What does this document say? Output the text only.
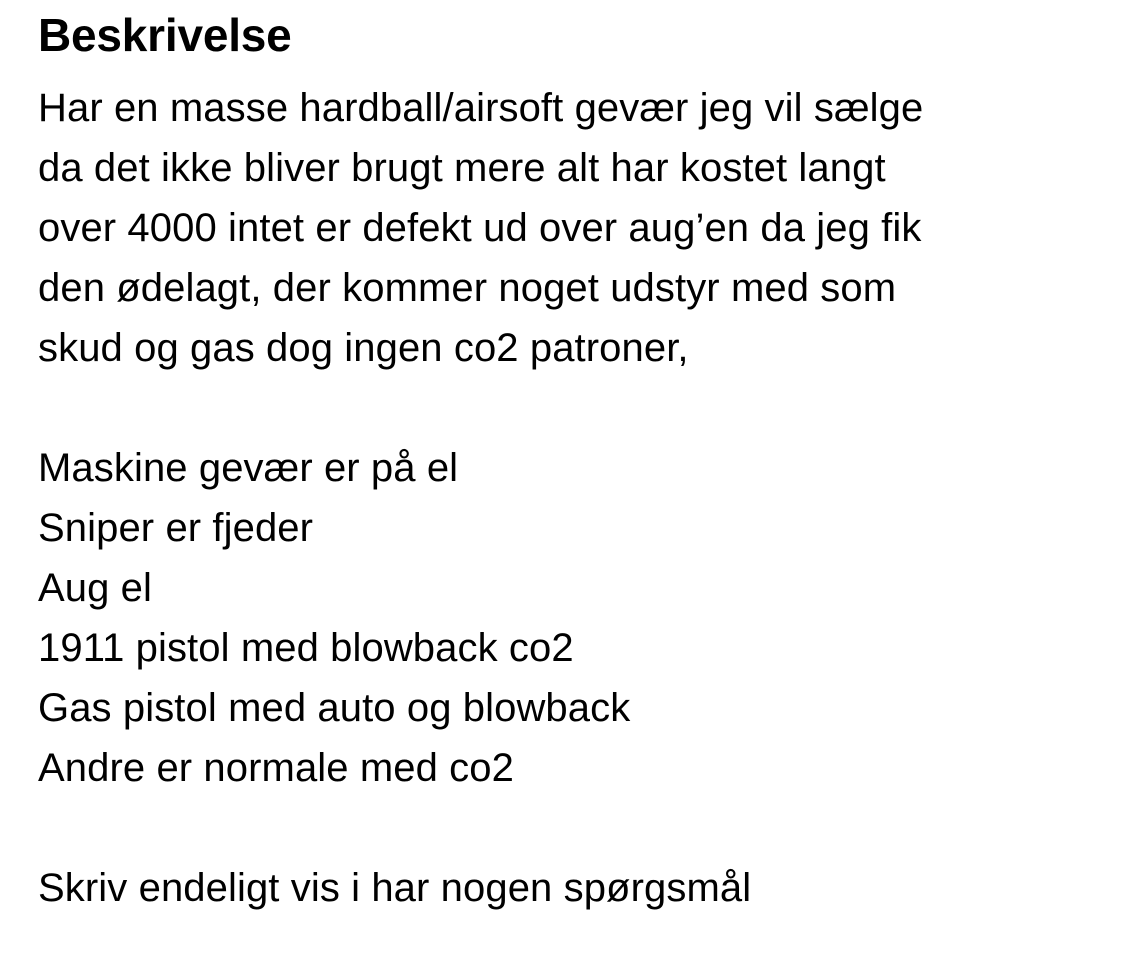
Beskrivelse
Har en masse hardball/airsoft gevær jeg vil sælge
da det ikke bliver brugt mere alt har kostet langt
over 4000 intet er defekt ud over aug’en da jeg fik
den ødelagt, der kommer noget udstyr med som
skud og gas dog ingen co2 patroner,
Maskine gevær er på el
Sniper er fjeder
Aug el
1911 pistol med blowback co2
Gas pistol med auto og blowback
Andre er normale med co2
Skriv endeligt vis i har nogen spørgsmål
